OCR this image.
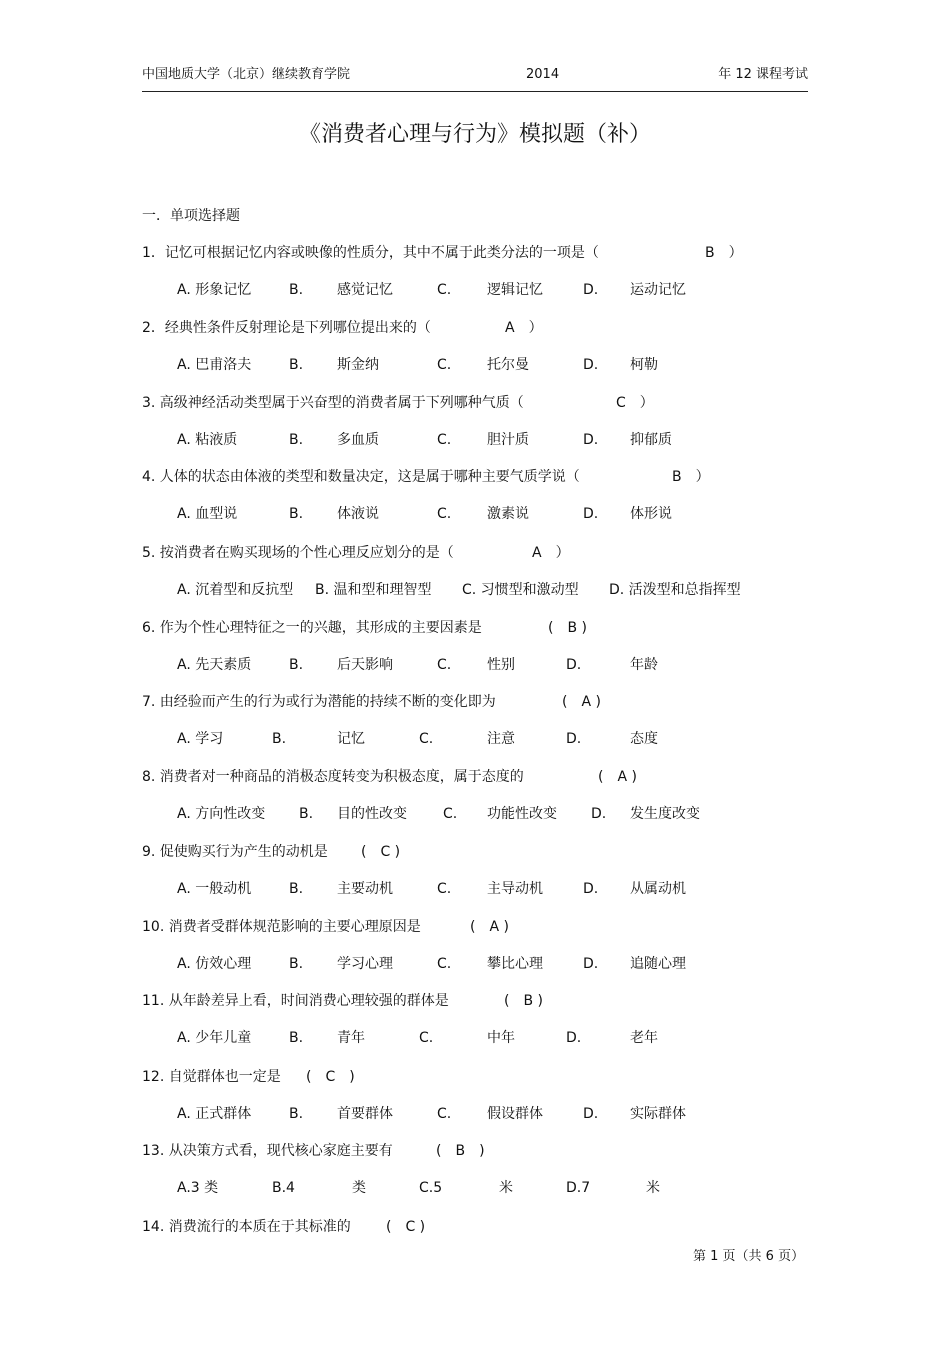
中国地质大学（北京）继续教育学院	2014	年 12 课程考试
《消费者心理与行为》模拟题（补）
一．单项选择题
1．记忆可根据记忆内容或映像的性质分，其中不属于此类分法的一项是（	B　）
A. 形象记忆	B. 感觉记忆	C.	逻辑记忆	D. 运动记忆
2．经典性条件反射理论是下列哪位提出来的（	A　）
A. 巴甫洛夫	B. 斯金纳	C.	托尔曼	D. 柯勒
3. 高级神经活动类型属于兴奋型的消费者属于下列哪种气质（	C　）
A. 粘液质	B. 多血质	C.	胆汁质	D. 抑郁质
4. 人体的状态由体液的类型和数量决定，这是属于哪种主要气质学说（	B　）
A. 血型说	B. 体液说	C.	激素说	D. 体形说
5. 按消费者在购买现场的个性心理反应划分的是（	A　）
A. 沉着型和反抗型 B. 温和型和理智型 C. 习惯型和激动型 D. 活泼型和总指挥型
6. 作为个性心理特征之一的兴趣，其形成的主要因素是	(　B )
A. 先天素质	B. 后天影响	C.	性别	D.	年龄
7. 由经验而产生的行为或行为潜能的持续不断的变化即为	(　A )
A. 学习	B.	记忆	C.	注意	D.	态度
8. 消费者对一种商品的消极态度转变为积极态度，属于态度的	(　A )
A. 方向性改变 B. 目的性改变	C. 功能性改变 D. 发生度改变
9. 促使购买行为产生的动机是 (　C )
A. 一般动机	B. 主要动机	C.	主导动机	D. 从属动机
10. 消费者受群体规范影响的主要心理原因是	(　A )
A. 仿效心理	B. 学习心理	C.	攀比心理	D. 追随心理
11. 从年龄差异上看，时间消费心理较强的群体是	(　B )
A. 少年儿童	B. 青年	C.	中年	D.	老年
12. 自觉群体也一定是 (　C　)
A. 正式群体	B. 首要群体	C.	假设群体	D. 实际群体
13. 从决策方式看，现代核心家庭主要有	(　B　)
A.3 类	B.4	类	C.5	米	D.7	米
14. 消费流行的本质在于其标准的	(　C )
第 1 页（共 6 页）
